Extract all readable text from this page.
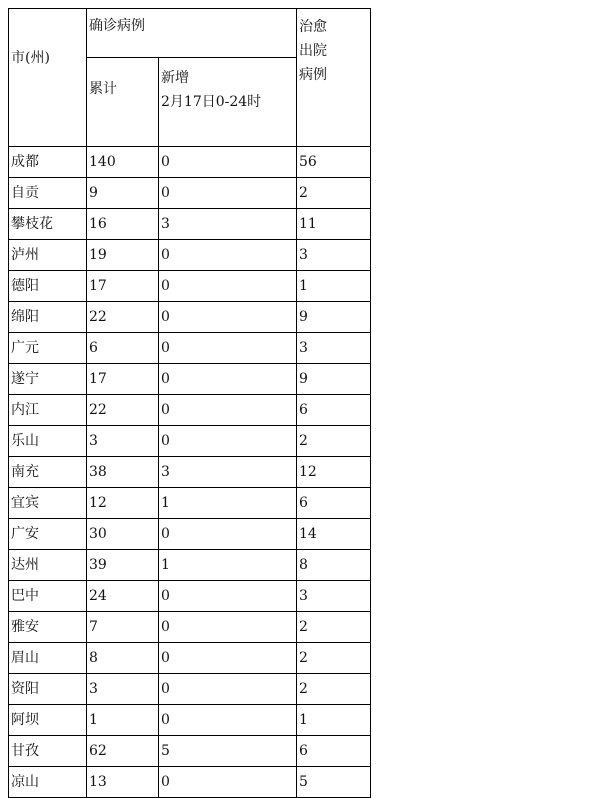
市(州)	确诊病例		治愈
出院
病例

	累计	新增
2月17日0-24时	

成都	140	0	56
自贡	9	0	2
攀枝花	16	3	11
泸州	19	0	3
德阳	17	0	1
绵阳	22	0	9
广元	6	0	3
遂宁	17	0	9
内江	22	0	6
乐山	3	0	2
南充	38	3	12
宜宾	12	1	6
广安	30	0	14
达州	39	1	8
巴中	24	0	3
雅安	7	0	2
眉山	8	0	2
资阳	3	0	2
阿坝	1	0	1
甘孜	62	5	6
凉山	13	0	5
